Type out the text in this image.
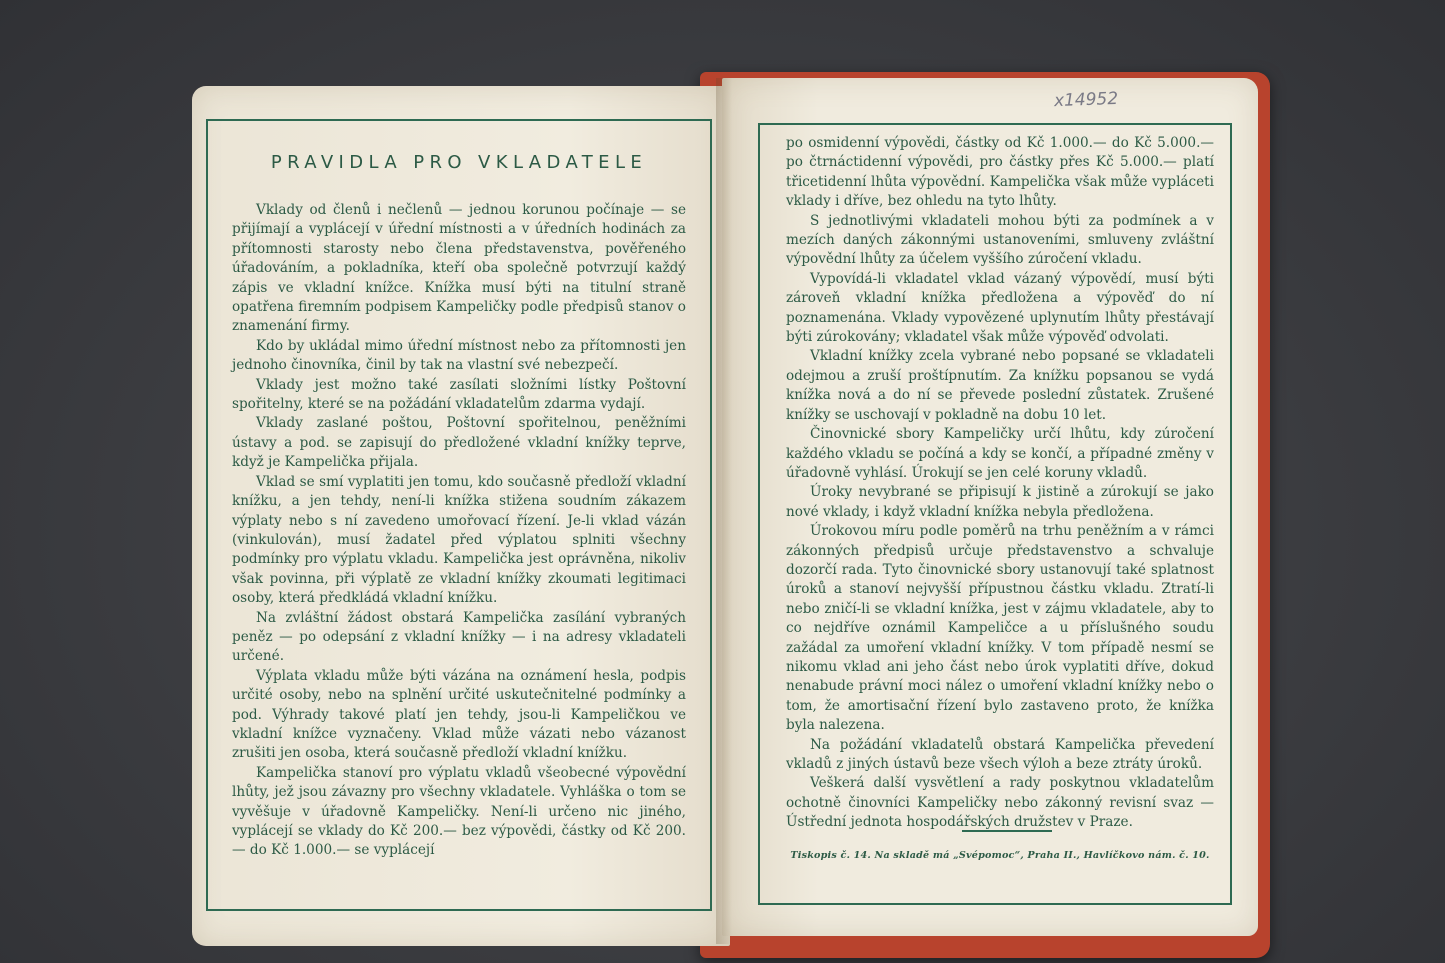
PRAVIDLA PRO VKLADATELE

Vklady od členů i nečlenů — jednou korunou počínaje — se přijímají a vyplácejí v úřední místnosti a v úředních hodinách za přítomnosti starosty nebo člena představenstva, pověřeného úřadováním, a pokladníka, kteří oba společně potvrzují každý zápis ve vkladní knížce. Knížka musí býti na titulní straně opatřena firemním podpisem Kampeličky podle předpisů stanov o znamenání firmy.

Kdo by ukládal mimo úřední místnost nebo za přítomnosti jen jednoho činovníka, činil by tak na vlastní své nebezpečí.

Vklady jest možno také zasílati složními lístky Poštovní spořitelny, které se na požádání vkladatelům zdarma vydají.

Vklady zaslané poštou, Poštovní spořitelnou, peněžními ústavy a pod. se zapisují do předložené vkladní knížky teprve, když je Kampelička přijala.

Vklad se smí vyplatiti jen tomu, kdo současně předloží vkladní knížku, a jen tehdy, není-li knížka stižena soudním zákazem výplaty nebo s ní zavedeno umořovací řízení. Je-li vklad vázán (vinkulován), musí žadatel před výplatou splniti všechny podmínky pro výplatu vkladu. Kampelička jest oprávněna, nikoliv však povinna, při výplatě ze vkladní knížky zkoumati legitimaci osoby, která předkládá vkladní knížku.

Na zvláštní žádost obstará Kampelička zasílání vybraných peněz — po odepsání z vkladní knížky — i na adresy vkladateli určené.

Výplata vkladu může býti vázána na oznámení hesla, podpis určité osoby, nebo na splnění určité uskutečnitelné podmínky a pod. Výhrady takové platí jen tehdy, jsou-li Kampeličkou ve vkladní knížce vyznačeny. Vklad může vázati nebo vázanost zrušiti jen osoba, která současně předloží vkladní knížku.

Kampelička stanoví pro výplatu vkladů všeobecné výpovědní lhůty, jež jsou závazny pro všechny vkladatele. Vyhláška o tom se vyvěšuje v úřadovně Kampeličky. Není-li určeno nic jiného, vyplácejí se vklady do Kč 200.— bez výpovědi, částky od Kč 200.— do Kč 1.000.— se vyplácejí

x14952

po osmidenní výpovědi, částky od Kč 1.000.— do Kč 5.000.— po čtrnáctidenní výpovědi, pro částky přes Kč 5.000.— platí třicetidenní lhůta výpovědní. Kampelička však může vypláceti vklady i dříve, bez ohledu na tyto lhůty.

S jednotlivými vkladateli mohou býti za podmínek a v mezích daných zákonnými ustanoveními, smluveny zvláštní výpovědní lhůty za účelem vyššího zúročení vkladu.

Vypovídá-li vkladatel vklad vázaný výpovědí, musí býti zároveň vkladní knížka předložena a výpověď do ní poznamenána. Vklady vypovězené uplynutím lhůty přestávají býti zúrokovány; vkladatel však může výpověď odvolati.

Vkladní knížky zcela vybrané nebo popsané se vkladateli odejmou a zruší proštípnutím. Za knížku popsanou se vydá knížka nová a do ní se převede poslední zůstatek. Zrušené knížky se uschovají v pokladně na dobu 10 let.

Činovnické sbory Kampeličky určí lhůtu, kdy zúročení každého vkladu se počíná a kdy se končí, a případné změny v úřadovně vyhlásí. Úrokují se jen celé koruny vkladů.

Úroky nevybrané se připisují k jistině a zúrokují se jako nové vklady, i když vkladní knížka nebyla předložena.

Úrokovou míru podle poměrů na trhu peněžním a v rámci zákonných předpisů určuje představenstvo a schvaluje dozorčí rada. Tyto činovnické sbory ustanovují také splatnost úroků a stanoví nejvyšší přípustnou částku vkladu. Ztratí-li nebo zničí-li se vkladní knížka, jest v zájmu vkladatele, aby to co nejdříve oznámil Kampeličce a u příslušného soudu zažádal za umoření vkladní knížky. V tom případě nesmí se nikomu vklad ani jeho část nebo úrok vyplatiti dříve, dokud nenabude právní moci nález o umoření vkladní knížky nebo o tom, že amortisační řízení bylo zastaveno proto, že knížka byla nalezena.

Na požádání vkladatelů obstará Kampelička převedení vkladů z jiných ústavů beze všech výloh a beze ztráty úroků.

Veškerá další vysvětlení a rady poskytnou vkladatelům ochotně činovníci Kampeličky nebo zákonný revisní svaz — Ústřední jednota hospodářských družstev v Praze.

Tiskopis č. 14. Na skladě má „Svépomoc“, Praha II., Havlíčkovo nám. č. 10.
